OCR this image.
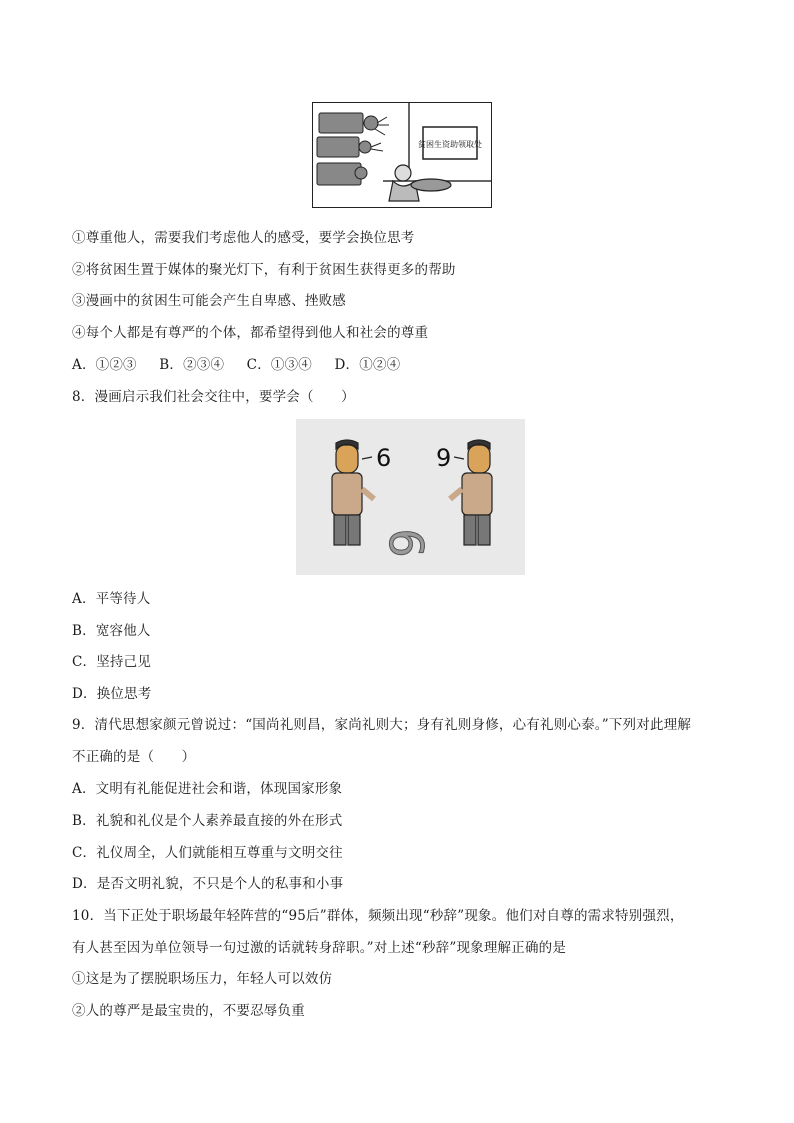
贫困生资助领取处
①尊重他人，需要我们考虑他人的感受，要学会换位思考
②将贫困生置于媒体的聚光灯下，有利于贫困生获得更多的帮助
③漫画中的贫困生可能会产生自卑感、挫败感
④每个人都是有尊严的个体，都希望得到他人和社会的尊重
A．①②③ B．②③④ C．①③④ D．①②④
8．漫画启示我们社会交往中，要学会（　　）
6 9
9
A．平等待人
B．宽容他人
C．坚持己见
D．换位思考
9．清代思想家颜元曾说过：“国尚礼则昌，家尚礼则大；身有礼则身修，心有礼则心泰。”下列对此理解
不正确的是（　　）
A．文明有礼能促进社会和谐，体现国家形象
B．礼貌和礼仪是个人素养最直接的外在形式
C．礼仪周全，人们就能相互尊重与文明交往
D．是否文明礼貌，不只是个人的私事和小事
10．当下正处于职场最年轻阵营的“95后”群体，频频出现“秒辞”现象。他们对自尊的需求特别强烈，
有人甚至因为单位领导一句过激的话就转身辞职。”对上述“秒辞”现象理解正确的是
①这是为了摆脱职场压力，年轻人可以效仿
②人的尊严是最宝贵的，不要忍辱负重
